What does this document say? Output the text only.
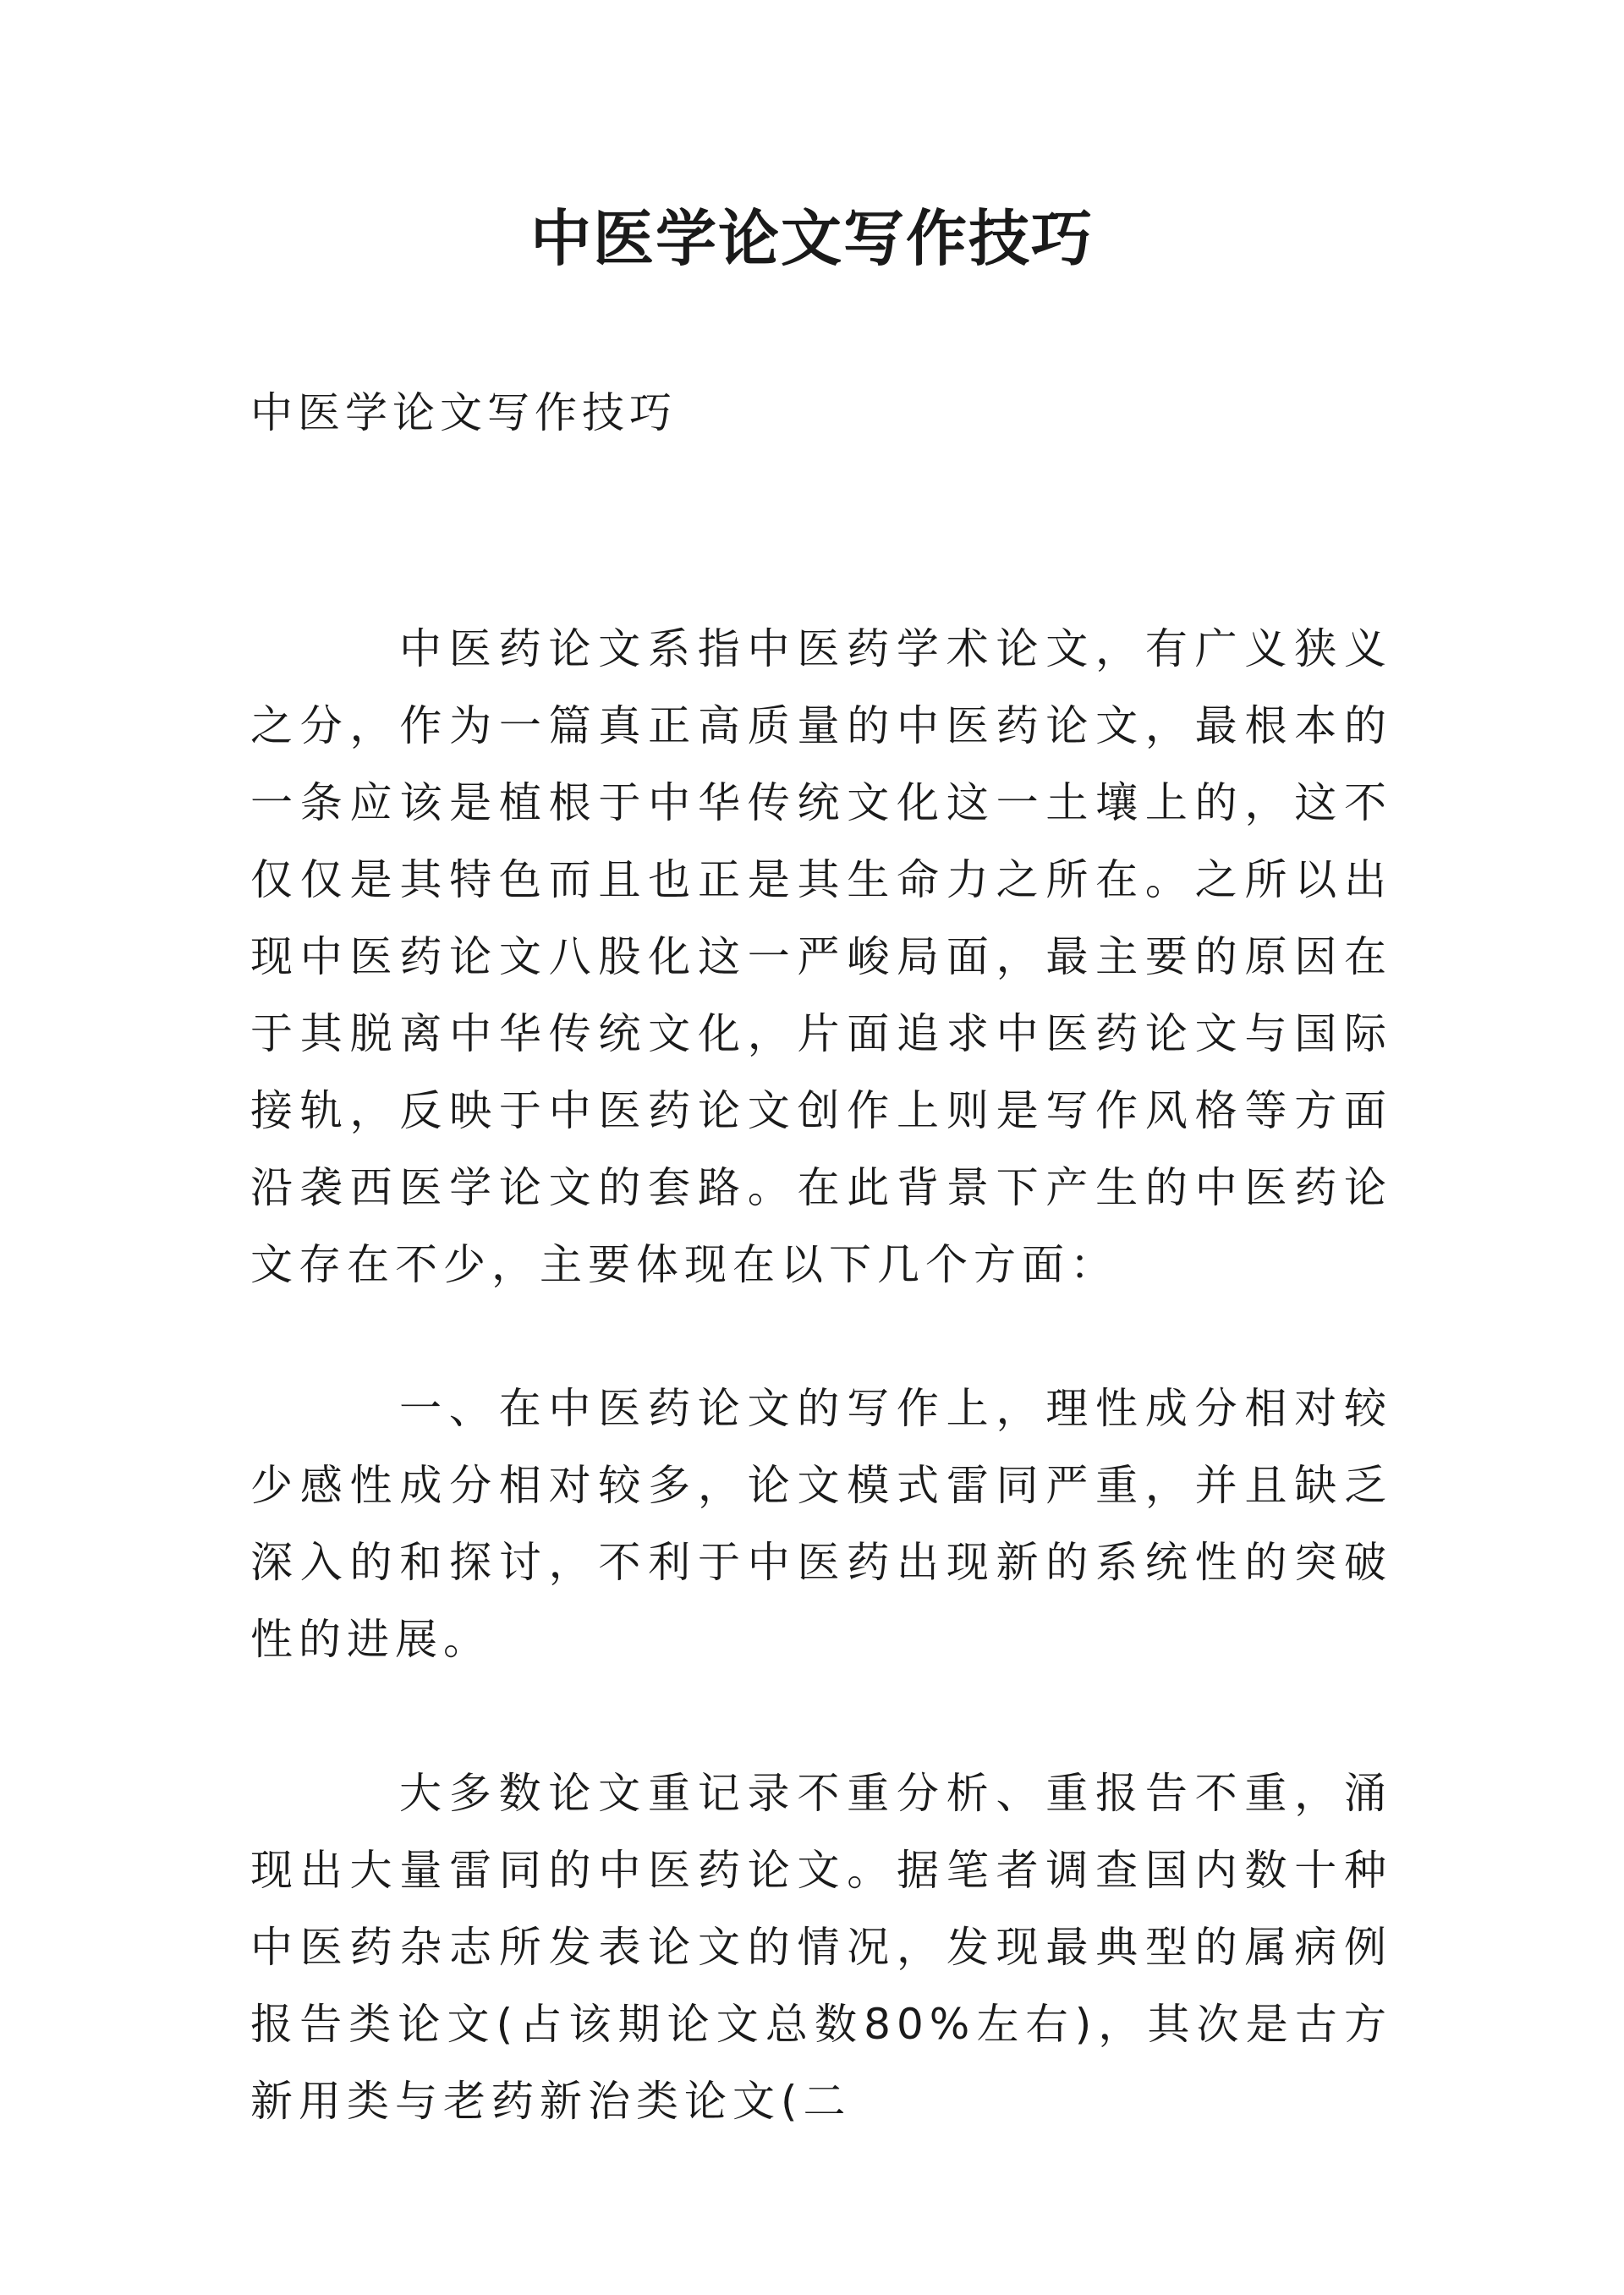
中医学论文写作技巧

中医学论文写作技巧

中医药论文系指中医药学术论文，有广义狭义之分，作为一篇真正高质量的中医药论文，最根本的一条应该是植根于中华传统文化这一土壤上的，这不仅仅是其特色而且也正是其生命力之所在。之所以出现中医药论文八股化这一严峻局面，最主要的原因在于其脱离中华传统文化，片面追求中医药论文与国际接轨，反映于中医药论文创作上则是写作风格等方面沿袭西医学论文的套路。在此背景下产生的中医药论文存在不少，主要体现在以下几个方面：

一、在中医药论文的写作上，理性成分相对较少感性成分相对较多，论文模式雷同严重，并且缺乏深入的和探讨，不利于中医药出现新的系统性的突破性的进展。

大多数论文重记录不重分析、重报告不重，涌现出大量雷同的中医药论文。据笔者调查国内数十种中医药杂志所发表论文的情况，发现最典型的属病例报告类论文(占该期论文总数80%左右)，其次是古方新用类与老药新治类论文(二
